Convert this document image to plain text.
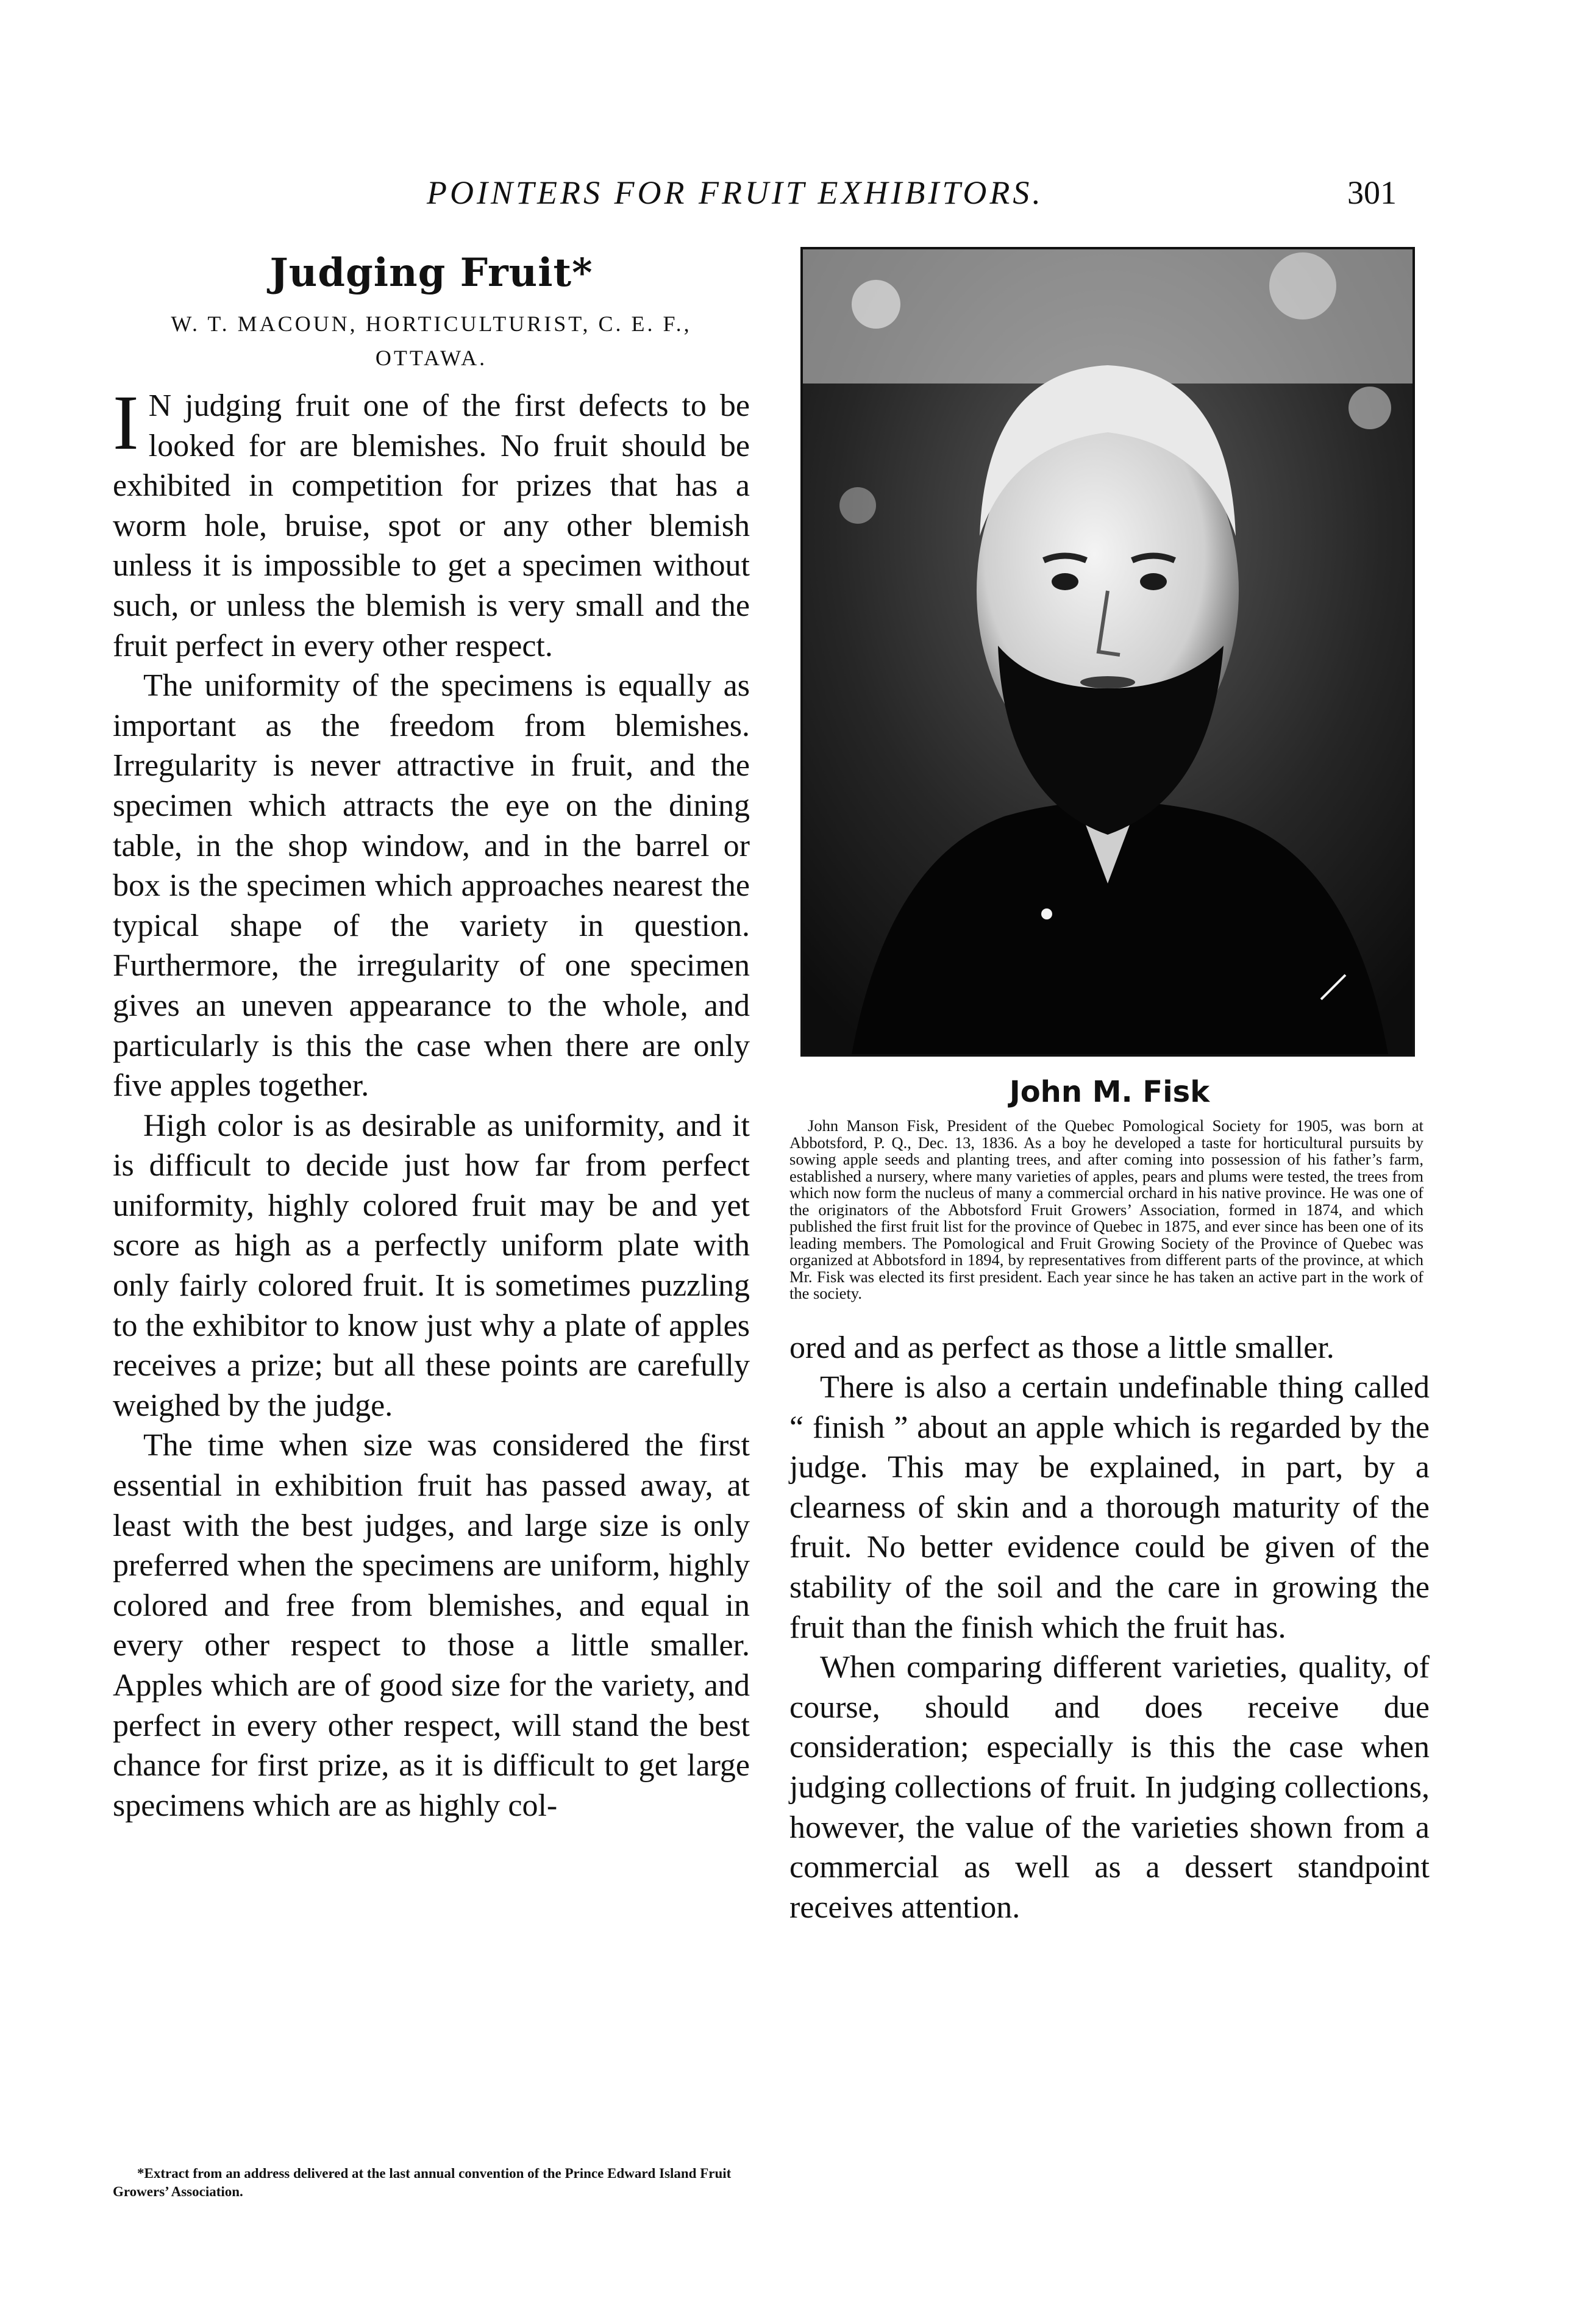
POINTERS FOR FRUIT EXHIBITORS.	301
Judging Fruit*
W. T. MACOUN, HORTICULTURIST, C. E. F.,
OTTAWA.

I N judging fruit one of the first defects to be looked for are blemishes. No fruit should be exhibited in competition for prizes that has a worm hole, bruise, spot or any other blemish unless it is impossible to get a specimen without such, or unless the blemish is very small and the fruit perfect in every other respect.

The uniformity of the specimens is equally as important as the freedom from blemishes. Irregularity is never attractive in fruit, and the specimen which attracts the eye on the dining table, in the shop window, and in the barrel or box is the specimen which approaches nearest the typical shape of the variety in question. Furthermore, the irregularity of one specimen gives an uneven appearance to the whole, and particularly is this the case when there are only five apples together.

High color is as desirable as uniformity, and it is difficult to decide just how far from perfect uniformity, highly colored fruit may be and yet score as high as a perfectly uniform plate with only fairly colored fruit. It is sometimes puzzling to the exhibitor to know just why a plate of apples receives a prize; but all these points are carefully weighed by the judge.

The time when size was considered the first essential in exhibition fruit has passed away, at least with the best judges, and large size is only preferred when the specimens are uniform, highly colored and free from blemishes, and equal in every other respect to those a little smaller. Apples which are of good size for the variety, and perfect in every other respect, will stand the best chance for first prize, as it is difficult to get large specimens which are as highly col-

*Extract from an address delivered at the last annual convention of the Prince Edward Island Fruit Growers’ Association.
John M. Fisk

John Manson Fisk, President of the Quebec Pomological Society for 1905, was born at Abbotsford, P. Q., Dec. 13, 1836. As a boy he developed a taste for horticultural pursuits by sowing apple seeds and planting trees, and after coming into possession of his father’s farm, established a nursery, where many varieties of apples, pears and plums were tested, the trees from which now form the nucleus of many a commercial orchard in his native province. He was one of the originators of the Abbotsford Fruit Growers’ Association, formed in 1874, and which published the first fruit list for the province of Quebec in 1875, and ever since has been one of its leading members. The Pomological and Fruit Growing Society of the Province of Quebec was organized at Abbotsford in 1894, by representatives from different parts of the province, at which Mr. Fisk was elected its first president. Each year since he has taken an active part in the work of the society.

ored and as perfect as those a little smaller.

There is also a certain undefinable thing called “ finish ” about an apple which is regarded by the judge. This may be explained, in part, by a clearness of skin and a thorough maturity of the fruit. No better evidence could be given of the stability of the soil and the care in growing the fruit than the finish which the fruit has.

When comparing different varieties, quality, of course, should and does receive due consideration; especially is this the case when judging collections of fruit. In judging collections, however, the value of the varieties shown from a commercial as well as a dessert standpoint receives attention.
